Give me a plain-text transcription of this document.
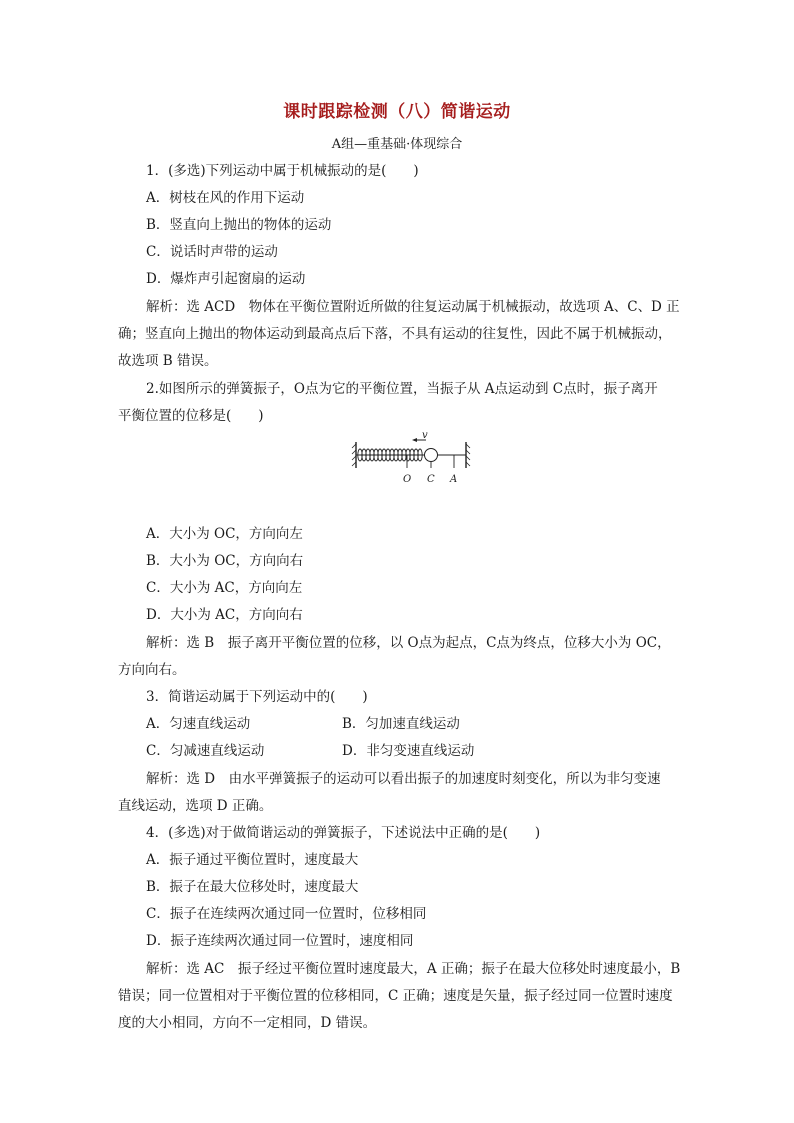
课时跟踪检测（八）简谐运动
A组—重基础·体现综合
1．(多选)下列运动中属于机械振动的是(　　)
A．树枝在风的作用下运动
B．竖直向上抛出的物体的运动
C．说话时声带的运动
D．爆炸声引起窗扇的运动
解析：选 ACD　物体在平衡位置附近所做的往复运动属于机械振动，故选项 A、C、D 正
确；竖直向上抛出的物体运动到最高点后下落，不具有运动的往复性，因此不属于机械振动，
故选项 B 错误。
2.如图所示的弹簧振子，O点为它的平衡位置，当振子从 A点运动到 C点时，振子离开
平衡位置的位移是(　　)
v
O C A
A．大小为 OC，方向向左
B．大小为 OC，方向向右
C．大小为 AC，方向向左
D．大小为 AC，方向向右
解析：选 B　振子离开平衡位置的位移，以 O点为起点，C点为终点，位移大小为 OC，
方向向右。
3．简谐运动属于下列运动中的(　　)
A．匀速直线运动	B．匀加速直线运动
C．匀减速直线运动	D．非匀变速直线运动
解析：选 D　由水平弹簧振子的运动可以看出振子的加速度时刻变化，所以为非匀变速
直线运动，选项 D 正确。
4．(多选)对于做简谐运动的弹簧振子，下述说法中正确的是(　　)
A．振子通过平衡位置时，速度最大
B．振子在最大位移处时，速度最大
C．振子在连续两次通过同一位置时，位移相同
D．振子连续两次通过同一位置时，速度相同
解析：选 AC　振子经过平衡位置时速度最大，A 正确；振子在最大位移处时速度最小，B
错误；同一位置相对于平衡位置的位移相同，C 正确；速度是矢量，振子经过同一位置时速度
度的大小相同，方向不一定相同，D 错误。
